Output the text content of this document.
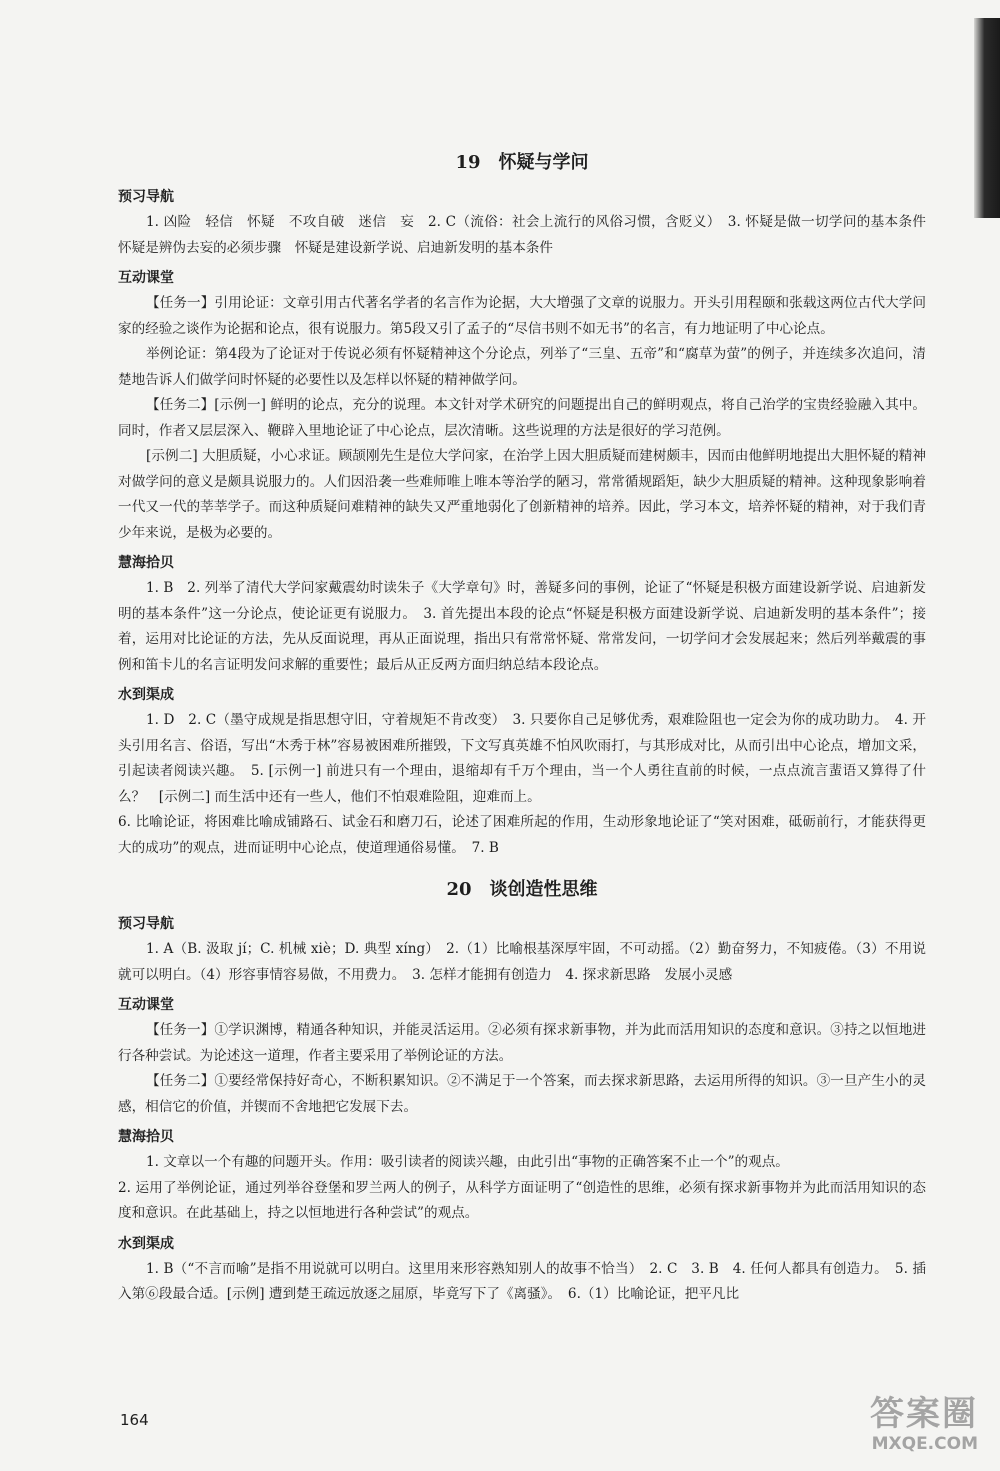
19　怀疑与学问
预习导航

1. 凶险　轻信　怀疑　不攻自破　迷信　妄　2. C（流俗：社会上流行的风俗习惯，含贬义）　3. 怀疑是做一切学问的基本条件　怀疑是辨伪去妄的必须步骤　怀疑是建设新学说、启迪新发明的基本条件

互动课堂

【任务一】引用论证：文章引用古代著名学者的名言作为论据，大大增强了文章的说服力。开头引用程颐和张载这两位古代大学问家的经验之谈作为论据和论点，很有说服力。第5段又引了孟子的“尽信书则不如无书”的名言，有力地证明了中心论点。

举例论证：第4段为了论证对于传说必须有怀疑精神这个分论点，列举了“三皇、五帝”和“腐草为萤”的例子，并连续多次追问，清楚地告诉人们做学问时怀疑的必要性以及怎样以怀疑的精神做学问。

【任务二】[示例一] 鲜明的论点，充分的说理。本文针对学术研究的问题提出自己的鲜明观点，将自己治学的宝贵经验融入其中。同时，作者又层层深入、鞭辟入里地论证了中心论点，层次清晰。这些说理的方法是很好的学习范例。

[示例二] 大胆质疑，小心求证。顾颉刚先生是位大学问家，在治学上因大胆质疑而建树颇丰，因而由他鲜明地提出大胆怀疑的精神对做学问的意义是颇具说服力的。人们因沿袭一些难师唯上唯本等治学的陋习，常常循规蹈矩，缺少大胆质疑的精神。这种现象影响着一代又一代的莘莘学子。而这种质疑问难精神的缺失又严重地弱化了创新精神的培养。因此，学习本文，培养怀疑的精神，对于我们青少年来说，是极为必要的。

慧海拾贝

1. B　2. 列举了清代大学问家戴震幼时读朱子《大学章句》时，善疑多问的事例，论证了“怀疑是积极方面建设新学说、启迪新发明的基本条件”这一分论点，使论证更有说服力。　3. 首先提出本段的论点“怀疑是积极方面建设新学说、启迪新发明的基本条件”；接着，运用对比论证的方法，先从反面说理，再从正面说理，指出只有常常怀疑、常常发问，一切学问才会发展起来；然后列举戴震的事例和笛卡儿的名言证明发问求解的重要性；最后从正反两方面归纳总结本段论点。

水到渠成

1. D　2. C（墨守成规是指思想守旧，守着规矩不肯改变）　3. 只要你自己足够优秀，艰难险阻也一定会为你的成功助力。　4. 开头引用名言、俗语，写出“木秀于林”容易被困难所摧毁，下文写真英雄不怕风吹雨打，与其形成对比，从而引出中心论点，增加文采，引起读者阅读兴趣。　5. [示例一] 前进只有一个理由，退缩却有千万个理由，当一个人勇往直前的时候，一点点流言蜚语又算得了什么？　[示例二] 而生活中还有一些人，他们不怕艰难险阻，迎难而上。

6. 比喻论证，将困难比喻成铺路石、试金石和磨刀石，论述了困难所起的作用，生动形象地论证了“笑对困难，砥砺前行，才能获得更大的成功”的观点，进而证明中心论点，使道理通俗易懂。　7. B

20　谈创造性思维
预习导航

1. A（B. 汲取 jí；C. 机械 xiè；D. 典型 xíng）　2.（1）比喻根基深厚牢固，不可动摇。（2）勤奋努力，不知疲倦。（3）不用说就可以明白。（4）形容事情容易做，不用费力。　3. 怎样才能拥有创造力　4. 探求新思路　发展小灵感

互动课堂

【任务一】①学识渊博，精通各种知识，并能灵活运用。②必须有探求新事物，并为此而活用知识的态度和意识。③持之以恒地进行各种尝试。为论述这一道理，作者主要采用了举例论证的方法。

【任务二】①要经常保持好奇心，不断积累知识。②不满足于一个答案，而去探求新思路，去运用所得的知识。③一旦产生小的灵感，相信它的价值，并锲而不舍地把它发展下去。

慧海拾贝

1. 文章以一个有趣的问题开头。作用：吸引读者的阅读兴趣，由此引出“事物的正确答案不止一个”的观点。

2. 运用了举例论证，通过列举谷登堡和罗兰两人的例子，从科学方面证明了“创造性的思维，必须有探求新事物并为此而活用知识的态度和意识。在此基础上，持之以恒地进行各种尝试”的观点。

水到渠成

1. B（“不言而喻”是指不用说就可以明白。这里用来形容熟知别人的故事不恰当）　2. C　3. B　4. 任何人都具有创造力。　5. 插入第⑥段最合适。[示例] 遭到楚王疏远放逐之屈原，毕竟写下了《离骚》。　6.（1）比喻论证，把平凡比

164	答案圈
MXQE.COM
